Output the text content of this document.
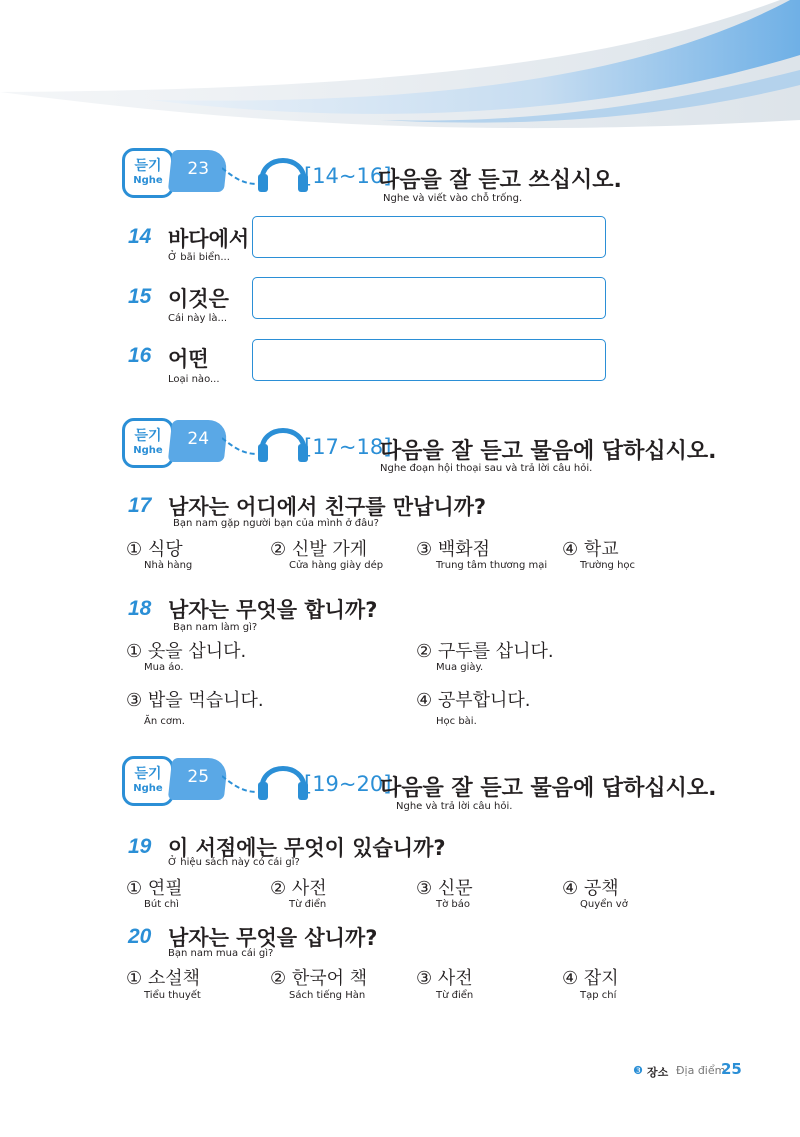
듣기
Nghe
23	[14~16]
다음을 잘 듣고 쓰십시오.
Nghe và viết vào chỗ trống.
14 바다에서
Ở bãi biển...
15 이것은
Cái này là...
16 어떤
Loại nào...
듣기
Nghe
24	[17~18]
다음을 잘 듣고 물음에 답하십시오.
Nghe đoạn hội thoại sau và trả lời câu hỏi.
17 남자는 어디에서 친구를 만납니까?
Bạn nam gặp người bạn của mình ở đâu?
① 식당
Nhà hàng
② 신발 가게
Cửa hàng giày dép
③ 백화점
Trung tâm thương mại
④ 학교
Trường học
18 남자는 무엇을 합니까?
Bạn nam làm gì?
① 옷을 삽니다.
Mua áo.
② 구두를 삽니다.
Mua giày.
③ 밥을 먹습니다.
Ăn cơm.
④ 공부합니다.
Học bài.
듣기
Nghe
25	[19~20]
다음을 잘 듣고 물음에 답하십시오.
Nghe và trả lời câu hỏi.
19 이 서점에는 무엇이 있습니까?
Ở hiệu sách này có cái gì?
① 연필
Bút chì
② 사전
Từ điển
③ 신문
Tờ báo
④ 공책
Quyển vở
20 남자는 무엇을 삽니까?
Bạn nam mua cái gì?
① 소설책
Tiểu thuyết
② 한국어 책
Sách tiếng Hàn
③ 사전
Từ điển
④ 잡지
Tạp chí
❸ 장소 Địa điểm
25
